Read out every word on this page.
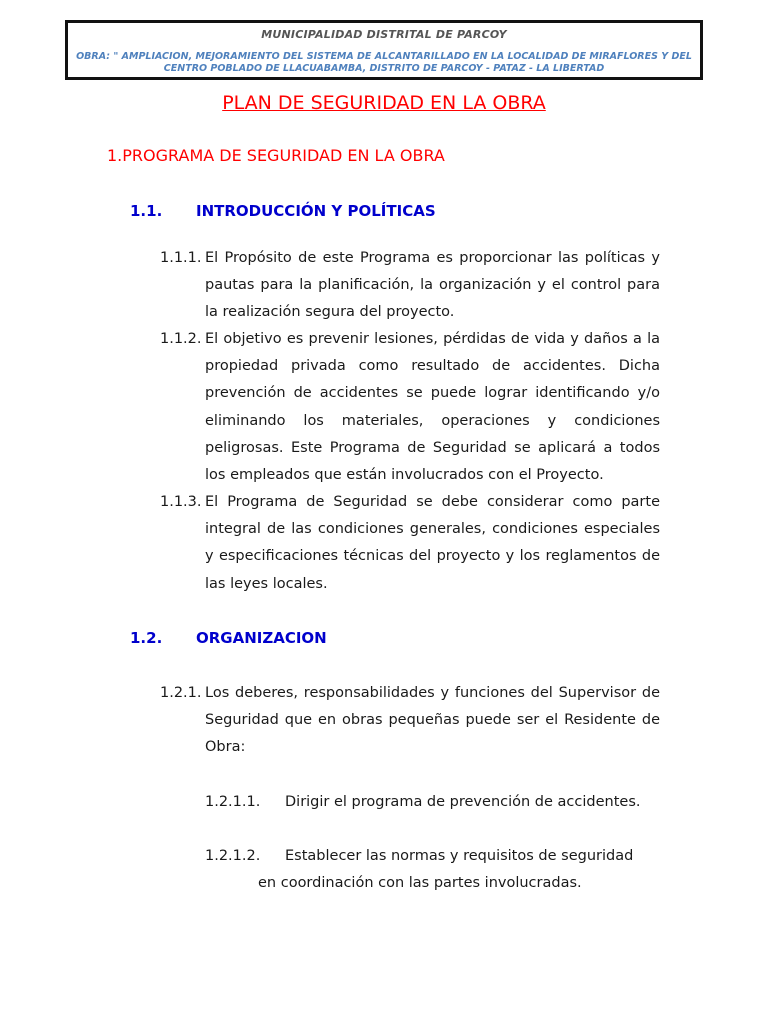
MUNICIPALIDAD DISTRITAL DE PARCOY
OBRA: " AMPLIACION, MEJORAMIENTO DEL SISTEMA DE ALCANTARILLADO EN LA LOCALIDAD DE MIRAFLORES Y DEL CENTRO POBLADO DE LLACUABAMBA, DISTRITO DE PARCOY - PATAZ - LA LIBERTAD
PLAN DE SEGURIDAD EN LA OBRA
1.PROGRAMA DE SEGURIDAD EN LA OBRA
1.1. INTRODUCCIÓN Y POLÍTICAS
1.1.1. El Propósito de este Programa es proporcionar las políticas y pautas para la planificación, la organización y el control para la realización segura del proyecto.
1.1.2. El objetivo es prevenir lesiones, pérdidas de vida y daños a la propiedad privada como resultado de accidentes. Dicha prevención de accidentes se puede lograr identificando y/o eliminando los materiales, operaciones y condiciones peligrosas. Este Programa de Seguridad se aplicará a todos los empleados que están involucrados con el Proyecto.
1.1.3. El Programa de Seguridad se debe considerar como parte integral de las condiciones generales, condiciones especiales y especificaciones técnicas del proyecto y los reglamentos de las leyes locales.
1.2. ORGANIZACION
1.2.1. Los deberes, responsabilidades y funciones del Supervisor de Seguridad que en obras pequeñas puede ser el Residente de Obra:
1.2.1.1. Dirigir el programa de prevención de accidentes.
1.2.1.2. Establecer las normas y requisitos de seguridad
en coordinación con las partes involucradas.
